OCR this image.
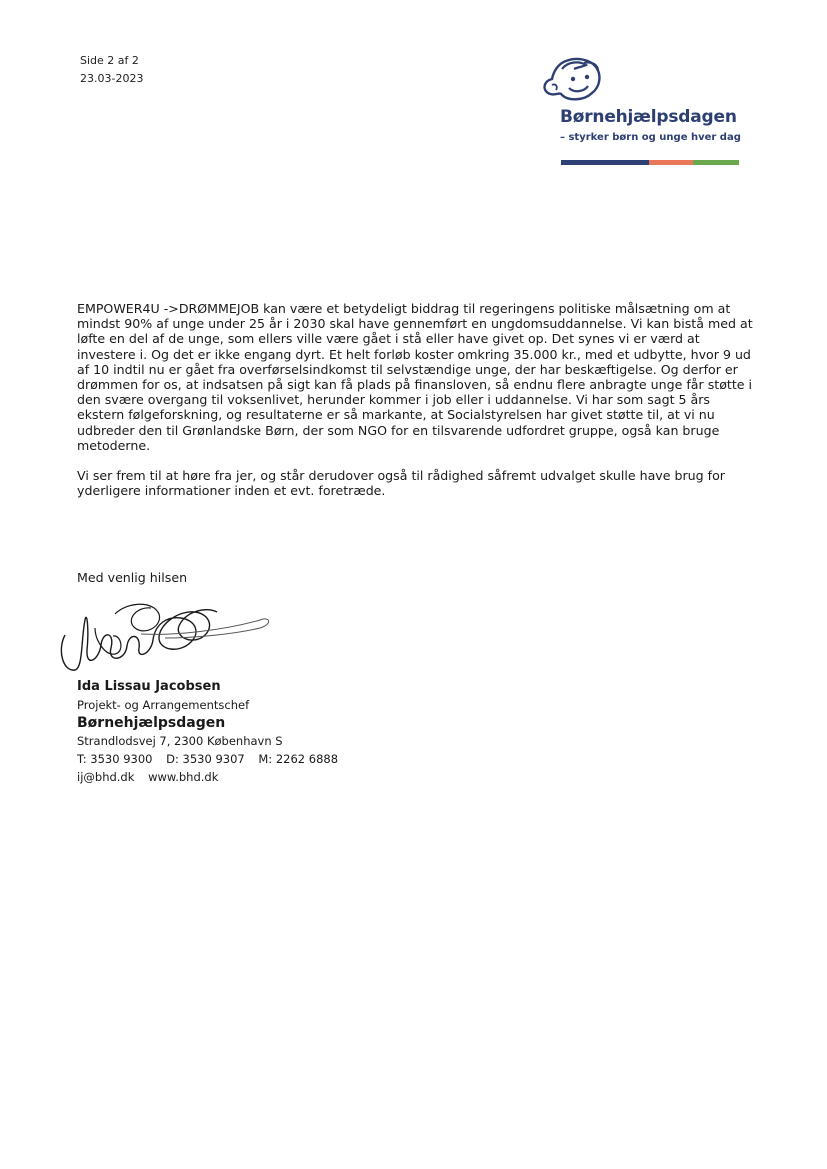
Side 2 af 2
23.03-2023
Børnehjælpsdagen
– styrker børn og unge hver dag

EMPOWER4U ->DRØMMEJOB kan være et betydeligt biddrag til regeringens politiske målsætning om at mindst 90% af unge under 25 år i 2030 skal have gennemført en ungdomsuddannelse. Vi kan bistå med at løfte en del af de unge, som ellers ville være gået i stå eller have givet op. Det synes vi er værd at investere i. Og det er ikke engang dyrt. Et helt forløb koster omkring 35.000 kr., med et udbytte, hvor 9 ud af 10 indtil nu er gået fra overførselsindkomst til selvstændige unge, der har beskæftigelse. Og derfor er drømmen for os, at indsatsen på sigt kan få plads på finansloven, så endnu flere anbragte unge får støtte i den svære overgang til voksenlivet, herunder kommer i job eller i uddannelse. Vi har som sagt 5 års ekstern følgeforskning, og resultaterne er så markante, at Socialstyrelsen har givet støtte til, at vi nu udbreder den til Grønlandske Børn, der som NGO for en tilsvarende udfordret gruppe, også kan bruge metoderne.

Vi ser frem til at høre fra jer, og står derudover også til rådighed såfremt udvalget skulle have brug for yderligere informationer inden et evt. foretræde.

Med venlig hilsen
Ida Lissau Jacobsen
Projekt- og Arrangementschef
Børnehjælpsdagen
Strandlodsvej 7, 2300 København S
T: 3530 9300 D: 3530 9307 M: 2262 6888
ij@bhd.dk www.bhd.dk
